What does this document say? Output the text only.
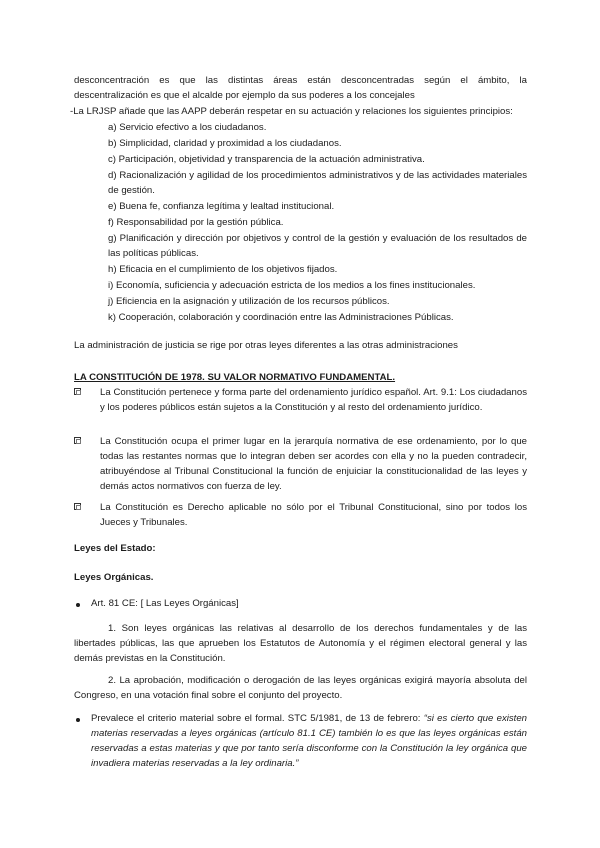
desconcentración es que las distintas áreas están desconcentradas según el ámbito, la

descentralización es que el alcalde por ejemplo da sus poderes a los concejales

-La LRJSP añade que las AAPP deberán respetar en su actuación y relaciones los siguientes principios:

a) Servicio efectivo a los ciudadanos.
b) Simplicidad, claridad y proximidad a los ciudadanos.
c) Participación, objetividad y transparencia de la actuación administrativa.
d) Racionalización y agilidad de los procedimientos administrativos y de las actividades materiales de gestión.
e) Buena fe, confianza legítima y lealtad institucional.
f) Responsabilidad por la gestión pública.
g) Planificación y dirección por objetivos y control de la gestión y evaluación de los resultados de las políticas públicas.
h) Eficacia en el cumplimiento de los objetivos fijados.
i) Economía, suficiencia y adecuación estricta de los medios a los fines institucionales.
j) Eficiencia en la asignación y utilización de los recursos públicos.
k) Cooperación, colaboración y coordinación entre las Administraciones Públicas.

La administración de justicia se rige por otras leyes diferentes a las otras administraciones

LA CONSTITUCIÓN DE 1978. SU VALOR NORMATIVO FUNDAMENTAL.

La Constitución pertenece y forma parte del ordenamiento jurídico español. Art. 9.1: Los ciudadanos y los poderes públicos están sujetos a la Constitución y al resto del ordenamiento jurídico.
La Constitución ocupa el primer lugar en la jerarquía normativa de ese ordenamiento, por lo que todas las restantes normas que lo integran deben ser acordes con ella y no la pueden contradecir, atribuyéndose al Tribunal Constitucional la función de enjuiciar la constitucionalidad de las leyes y demás actos normativos con fuerza de ley.
La Constitución es Derecho aplicable no sólo por el Tribunal Constitucional, sino por todos los Jueces y Tribunales.

Leyes del Estado:

Leyes Orgánicas.

Art. 81 CE: [ Las Leyes Orgánicas]

1. Son leyes orgánicas las relativas al desarrollo de los derechos fundamentales y de las libertades públicas, las que aprueben los Estatutos de Autonomía y el régimen electoral general y las demás previstas en la Constitución.

2. La aprobación, modificación o derogación de las leyes orgánicas exigirá mayoría absoluta del Congreso, en una votación final sobre el conjunto del proyecto.

Prevalece el criterio material sobre el formal. STC 5/1981, de 13 de febrero: “si es cierto que existen materias reservadas a leyes orgánicas (artículo 81.1 CE) también lo es que las leyes orgánicas están reservadas a estas materias y que por tanto sería disconforme con la Constitución la ley orgánica que invadiera materias reservadas a la ley ordinaria.”
